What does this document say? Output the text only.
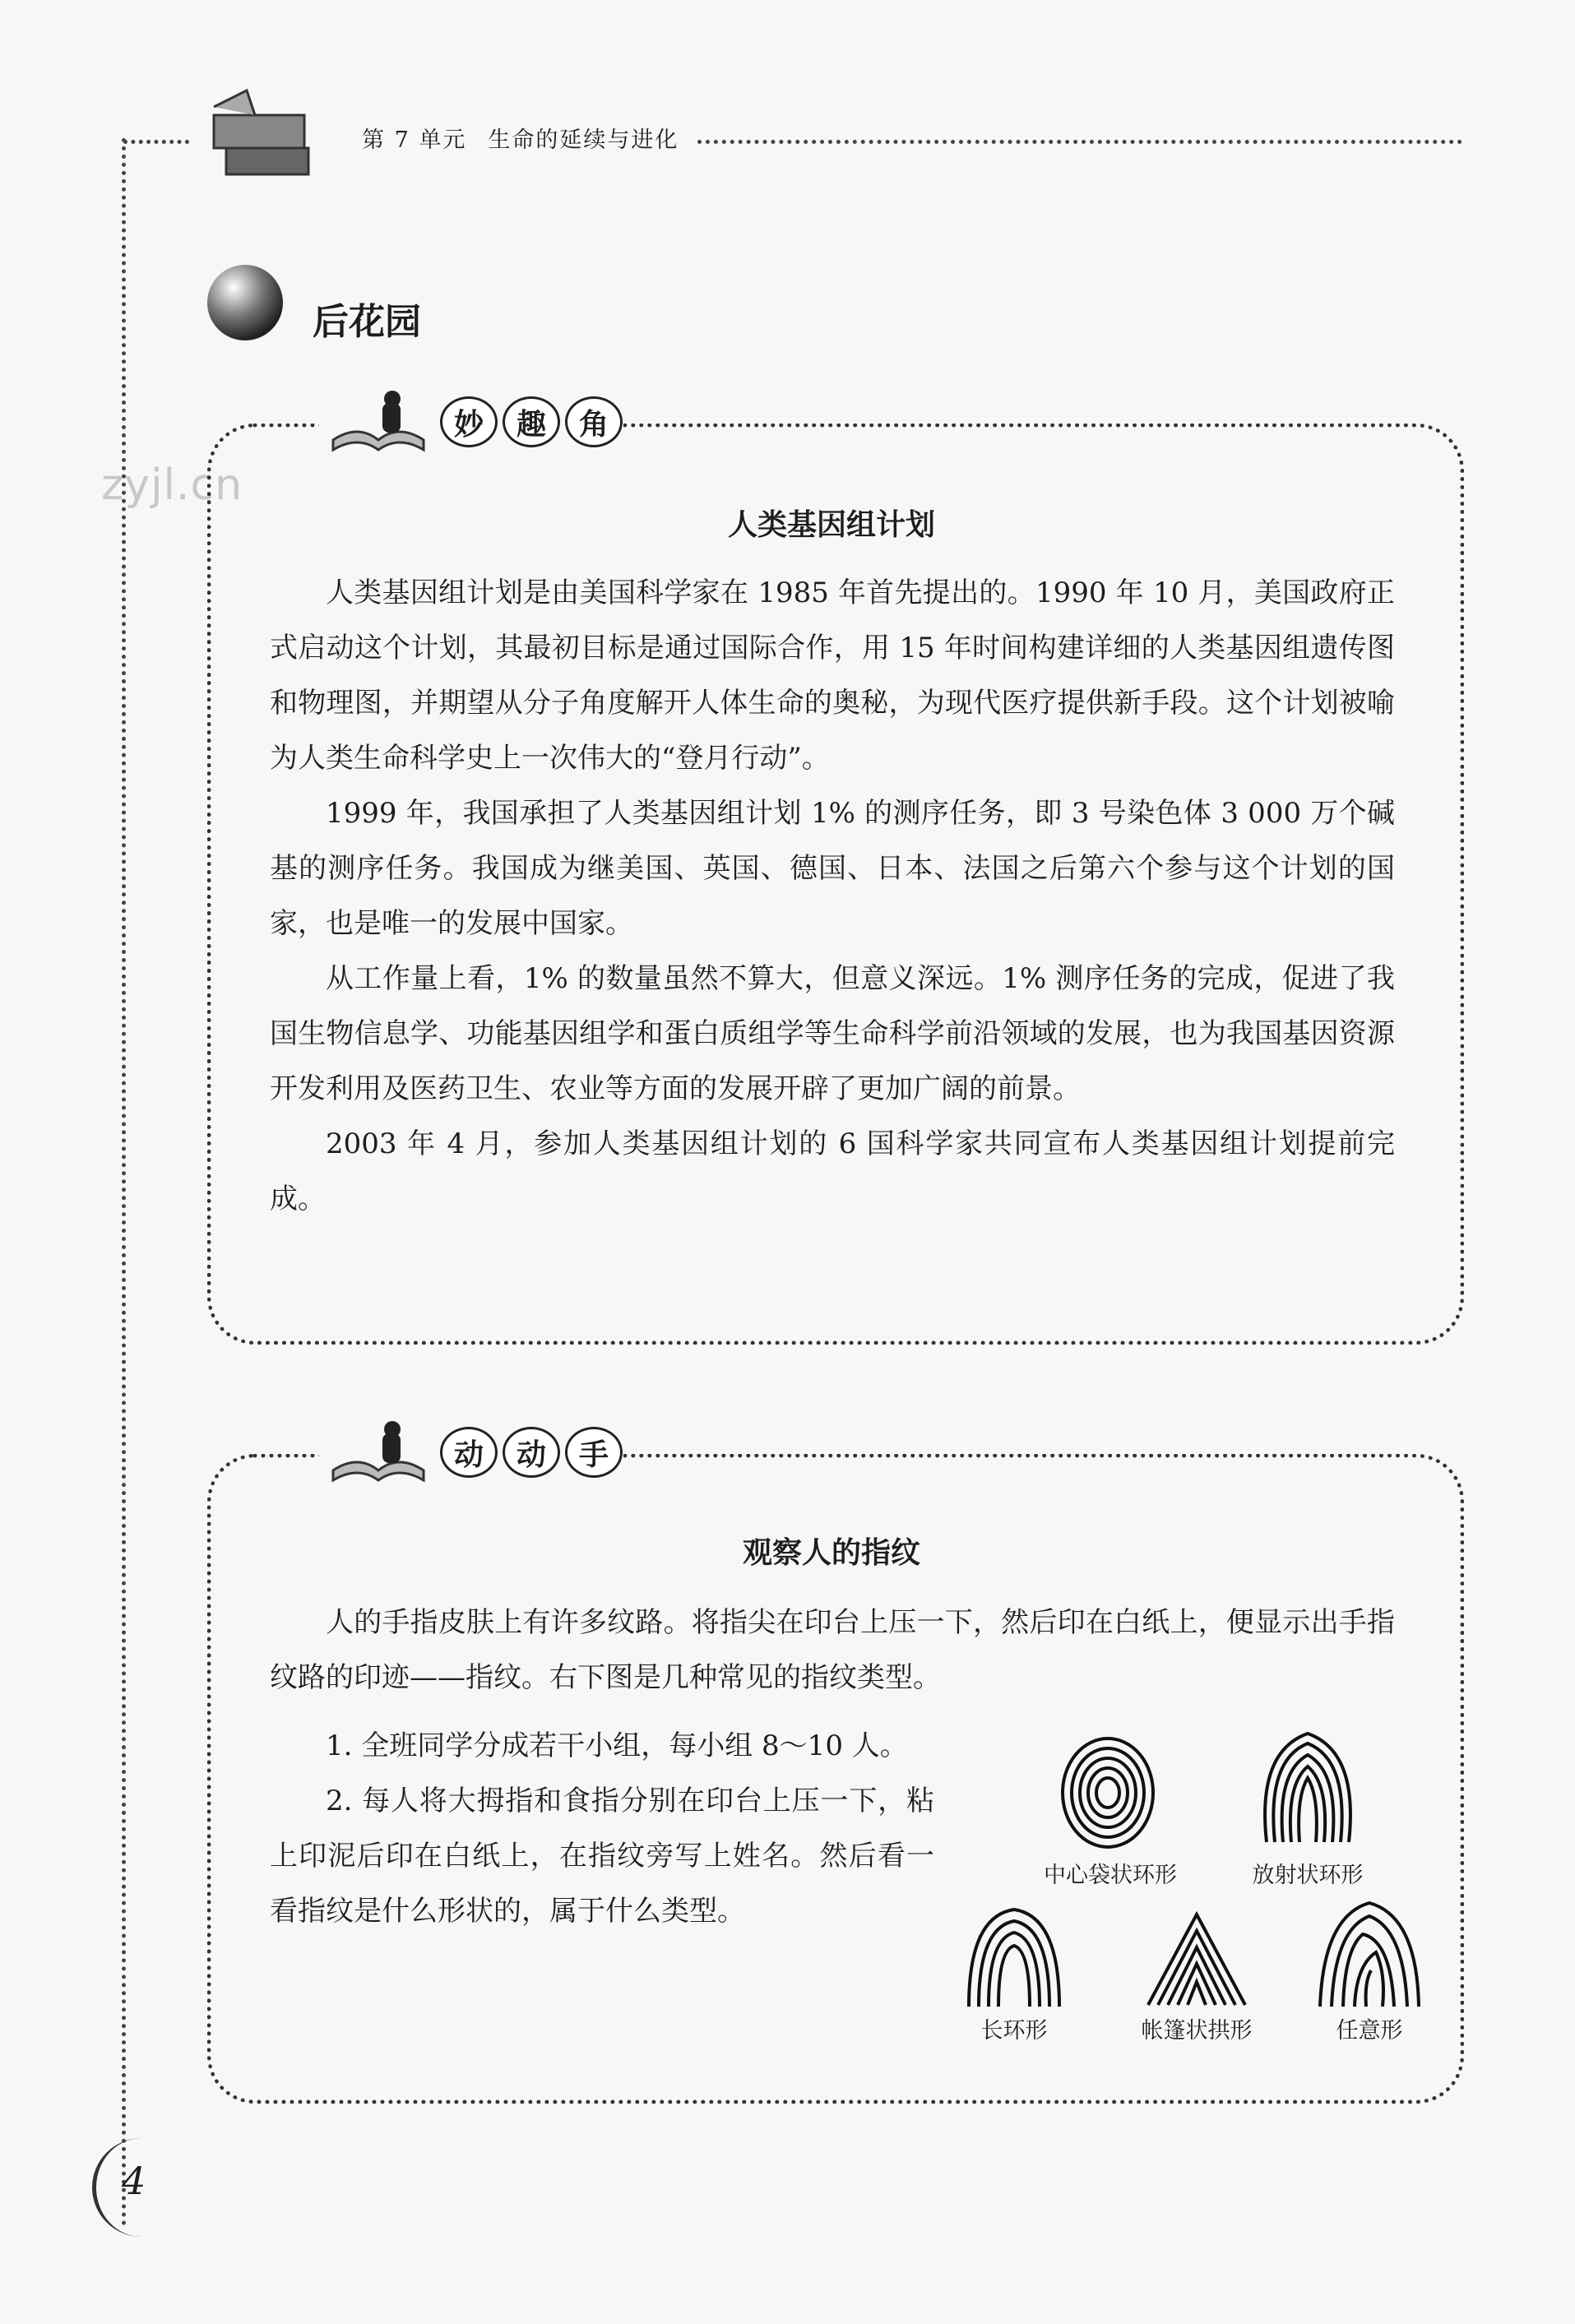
第 7 单元 生命的延续与进化
后花园
zyjl.cn
妙	趣	角
人类基因组计划

人类基因组计划是由美国科学家在 1985 年首先提出的。1990 年 10 月，美国政府正式启动这个计划，其最初目标是通过国际合作，用 15 年时间构建详细的人类基因组遗传图和物理图，并期望从分子角度解开人体生命的奥秘，为现代医疗提供新手段。这个计划被喻为人类生命科学史上一次伟大的“登月行动”。

1999 年，我国承担了人类基因组计划 1% 的测序任务，即 3 号染色体 3 000 万个碱基的测序任务。我国成为继美国、英国、德国、日本、法国之后第六个参与这个计划的国家，也是唯一的发展中国家。

从工作量上看，1% 的数量虽然不算大，但意义深远。1% 测序任务的完成，促进了我国生物信息学、功能基因组学和蛋白质组学等生命科学前沿领域的发展，也为我国基因资源开发利用及医药卫生、农业等方面的发展开辟了更加广阔的前景。

2003 年 4 月，参加人类基因组计划的 6 国科学家共同宣布人类基因组计划提前完成。

动	动	手
观察人的指纹

人的手指皮肤上有许多纹路。将指尖在印台上压一下，然后印在白纸上，便显示出手指纹路的印迹——指纹。右下图是几种常见的指纹类型。

1. 全班同学分成若干小组，每小组 8～10 人。

2. 每人将大拇指和食指分别在印台上压一下，粘上印泥后印在白纸上，在指纹旁写上姓名。然后看一看指纹是什么形状的，属于什么类型。

中心袋状环形	放射状环形
长环形	帐篷状拱形	任意形
4
